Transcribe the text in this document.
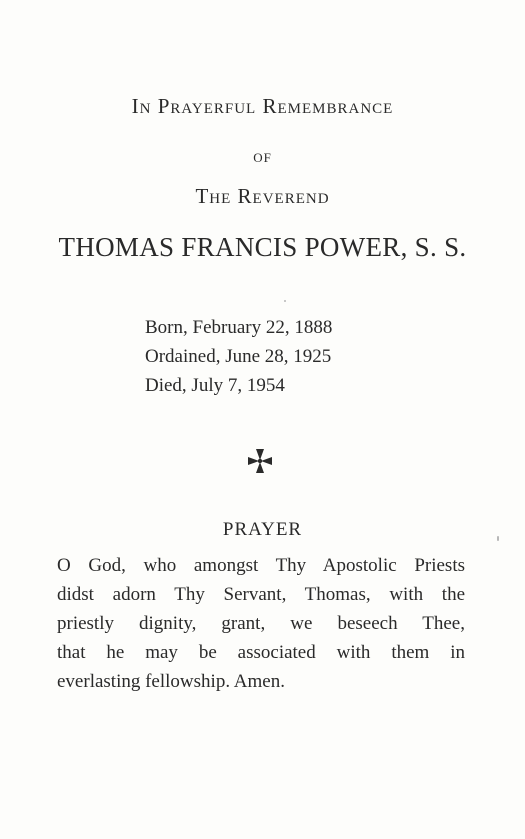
In Prayerful Remembrance
of
The Reverend
THOMAS FRANCIS POWER, S. S.
Born, February 22, 1888
Ordained, June 28, 1925
Died, July 7, 1954
PRAYER
O God, who amongst Thy Apostolic Priests
didst adorn Thy Servant, Thomas, with the
priestly dignity, grant, we beseech Thee,
that he may be associated with them in
everlasting fellowship. Amen.
